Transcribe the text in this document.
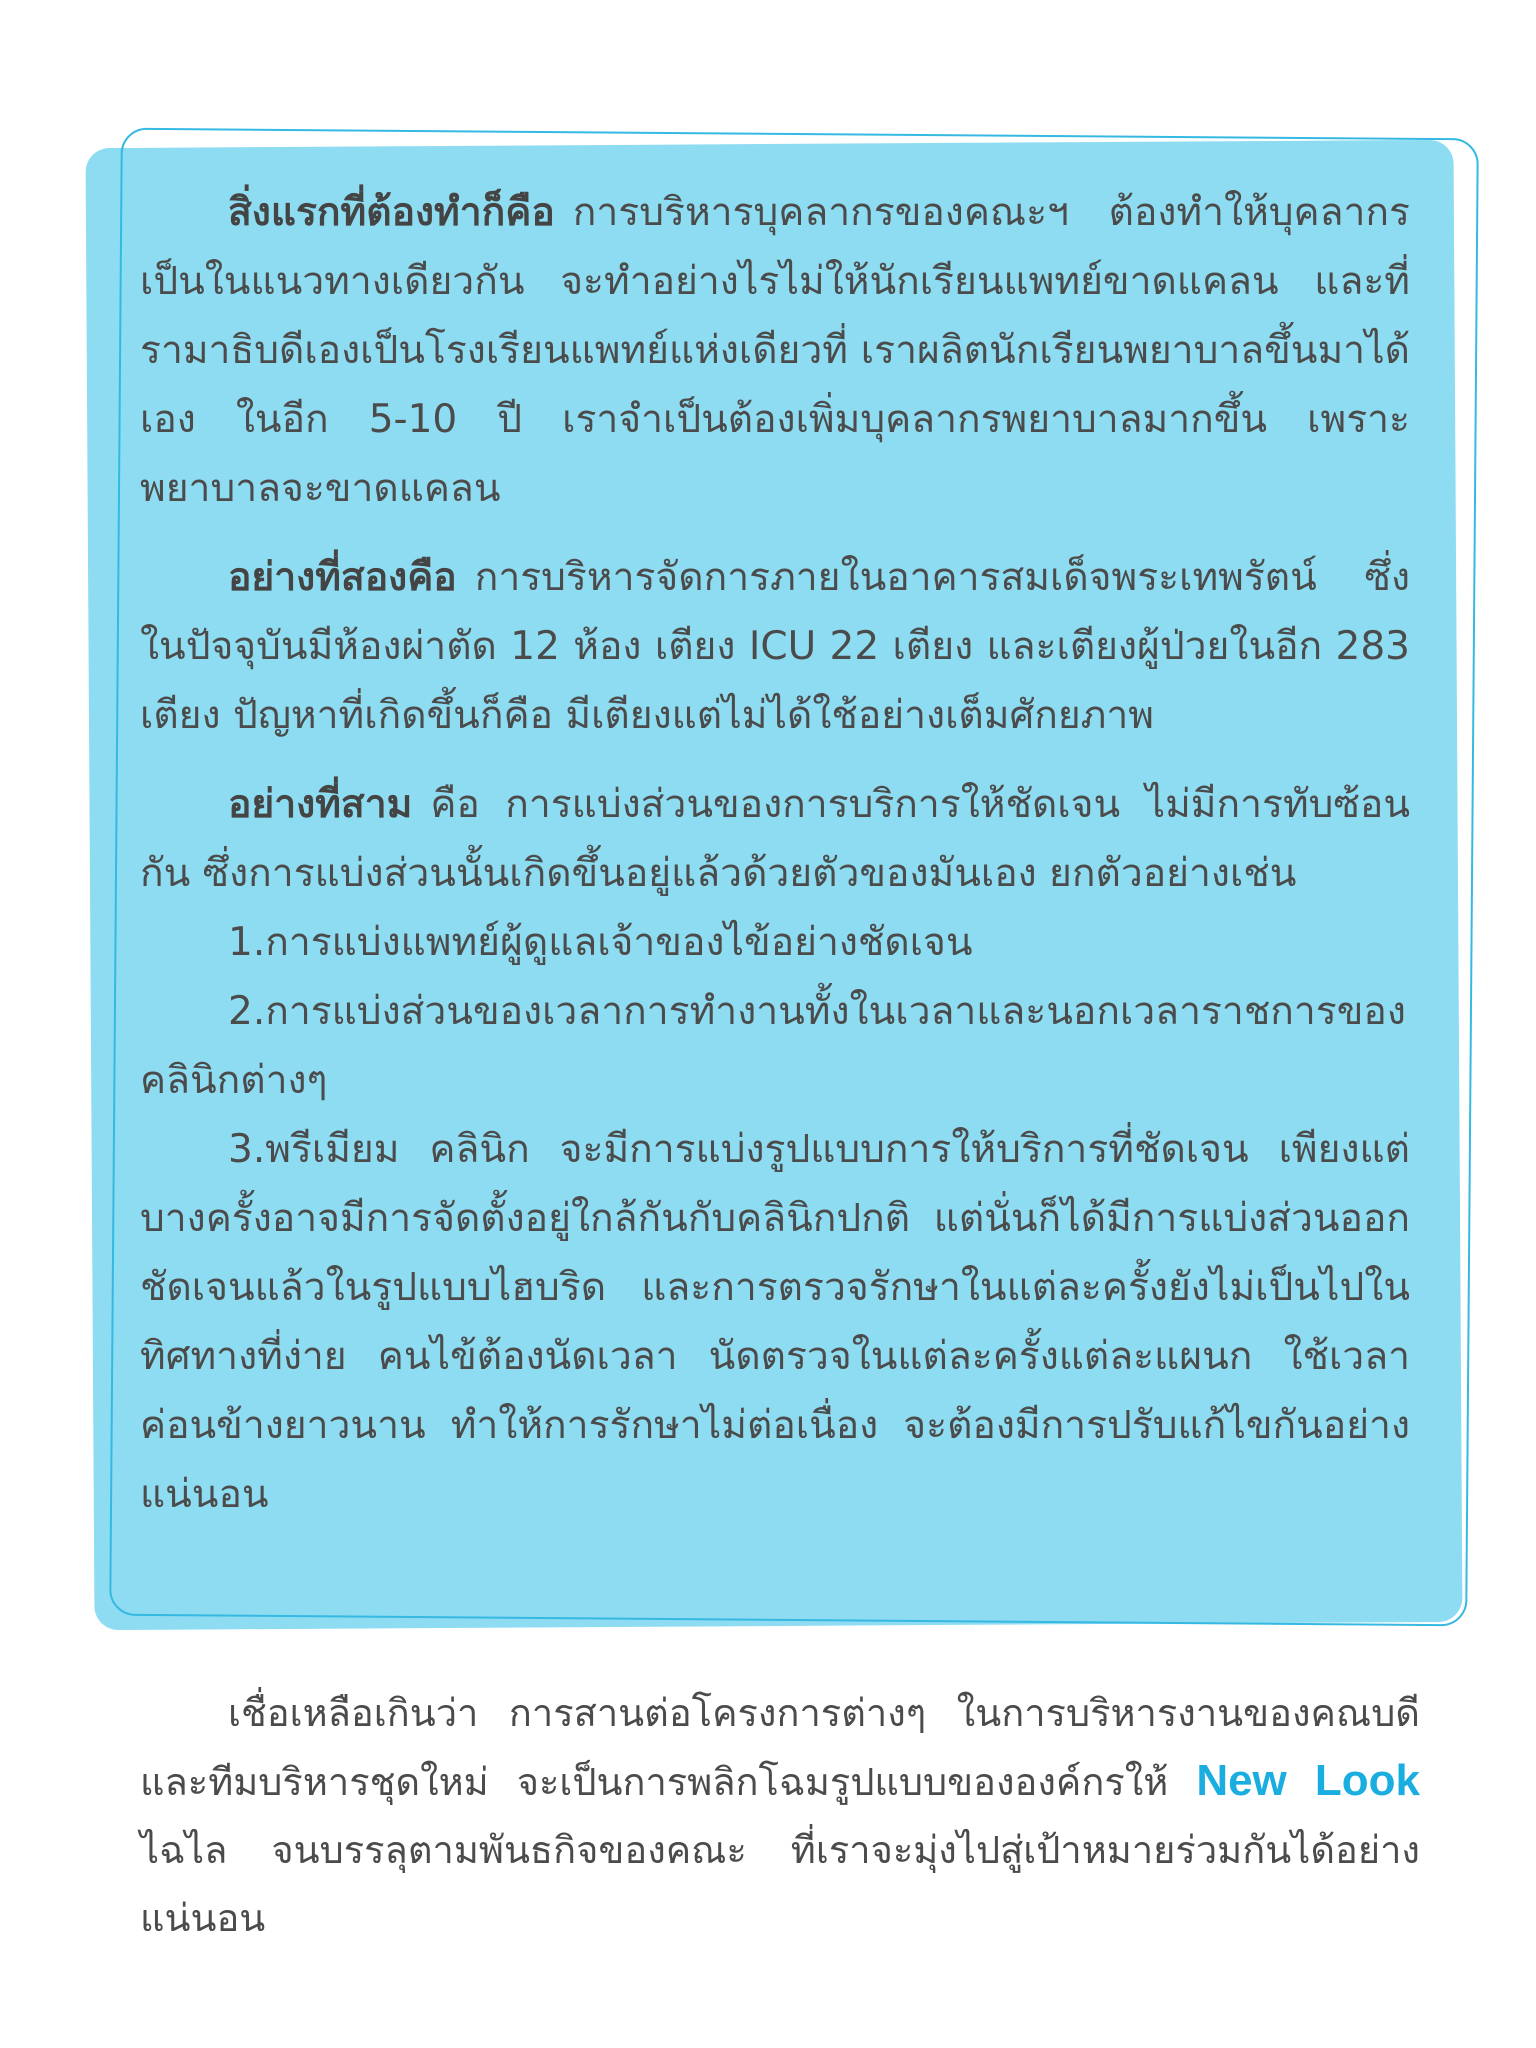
สิ่งแรกที่ต้องทำก็คือ การบริหารบุคลากรของคณะฯ ต้องทำให้บุคลากรเป็นในแนวทางเดียวกัน จะทำอย่างไรไม่ให้นักเรียนแพทย์ขาดแคลน และที่รามาธิบดีเองเป็นโรงเรียนแพทย์แห่งเดียวที่ เราผลิตนักเรียนพยาบาลขึ้นมาได้เอง ในอีก 5-10 ปี เราจำเป็นต้องเพิ่มบุคลากรพยาบาลมากขึ้น เพราะพยาบาลจะขาดแคลน

อย่างที่สองคือ การบริหารจัดการภายในอาคารสมเด็จพระเทพรัตน์ ซึ่งในปัจจุบันมีห้องผ่าตัด 12 ห้อง เตียง ICU 22 เตียง และเตียงผู้ป่วยในอีก 283 เตียง ปัญหาที่เกิดขึ้นก็คือ มีเตียงแต่ไม่ได้ใช้อย่างเต็มศักยภาพ

อย่างที่สาม คือ การแบ่งส่วนของการบริการให้ชัดเจน ไม่มีการทับซ้อนกัน ซึ่งการแบ่งส่วนนั้นเกิดขึ้นอยู่แล้วด้วยตัวของมันเอง ยกตัวอย่างเช่น

1.การแบ่งแพทย์ผู้ดูแลเจ้าของไข้อย่างชัดเจน

2.การแบ่งส่วนของเวลาการทำงานทั้งในเวลาและนอกเวลาราชการของคลินิกต่างๆ

3.พรีเมียม คลินิก จะมีการแบ่งรูปแบบการให้บริการที่ชัดเจน เพียงแต่บางครั้งอาจมีการจัดตั้งอยู่ใกล้กันกับคลินิกปกติ แต่นั่นก็ได้มีการแบ่งส่วนออกชัดเจนแล้วในรูปแบบไฮบริด และการตรวจรักษาในแต่ละครั้งยังไม่เป็นไปในทิศทางที่ง่าย คนไข้ต้องนัดเวลา นัดตรวจในแต่ละครั้งแต่ละแผนก ใช้เวลาค่อนข้างยาวนาน ทำให้การรักษาไม่ต่อเนื่อง จะต้องมีการปรับแก้ไขกันอย่างแน่นอน

เชื่อเหลือเกินว่า การสานต่อโครงการต่างๆ ในการบริหารงานของคณบดีและทีมบริหารชุดใหม่ จะเป็นการพลิกโฉมรูปแบบขององค์กรให้ New Look ไฉไล จนบรรลุตามพันธกิจของคณะ ที่เราจะมุ่งไปสู่เป้าหมายร่วมกันได้อย่างแน่นอน
